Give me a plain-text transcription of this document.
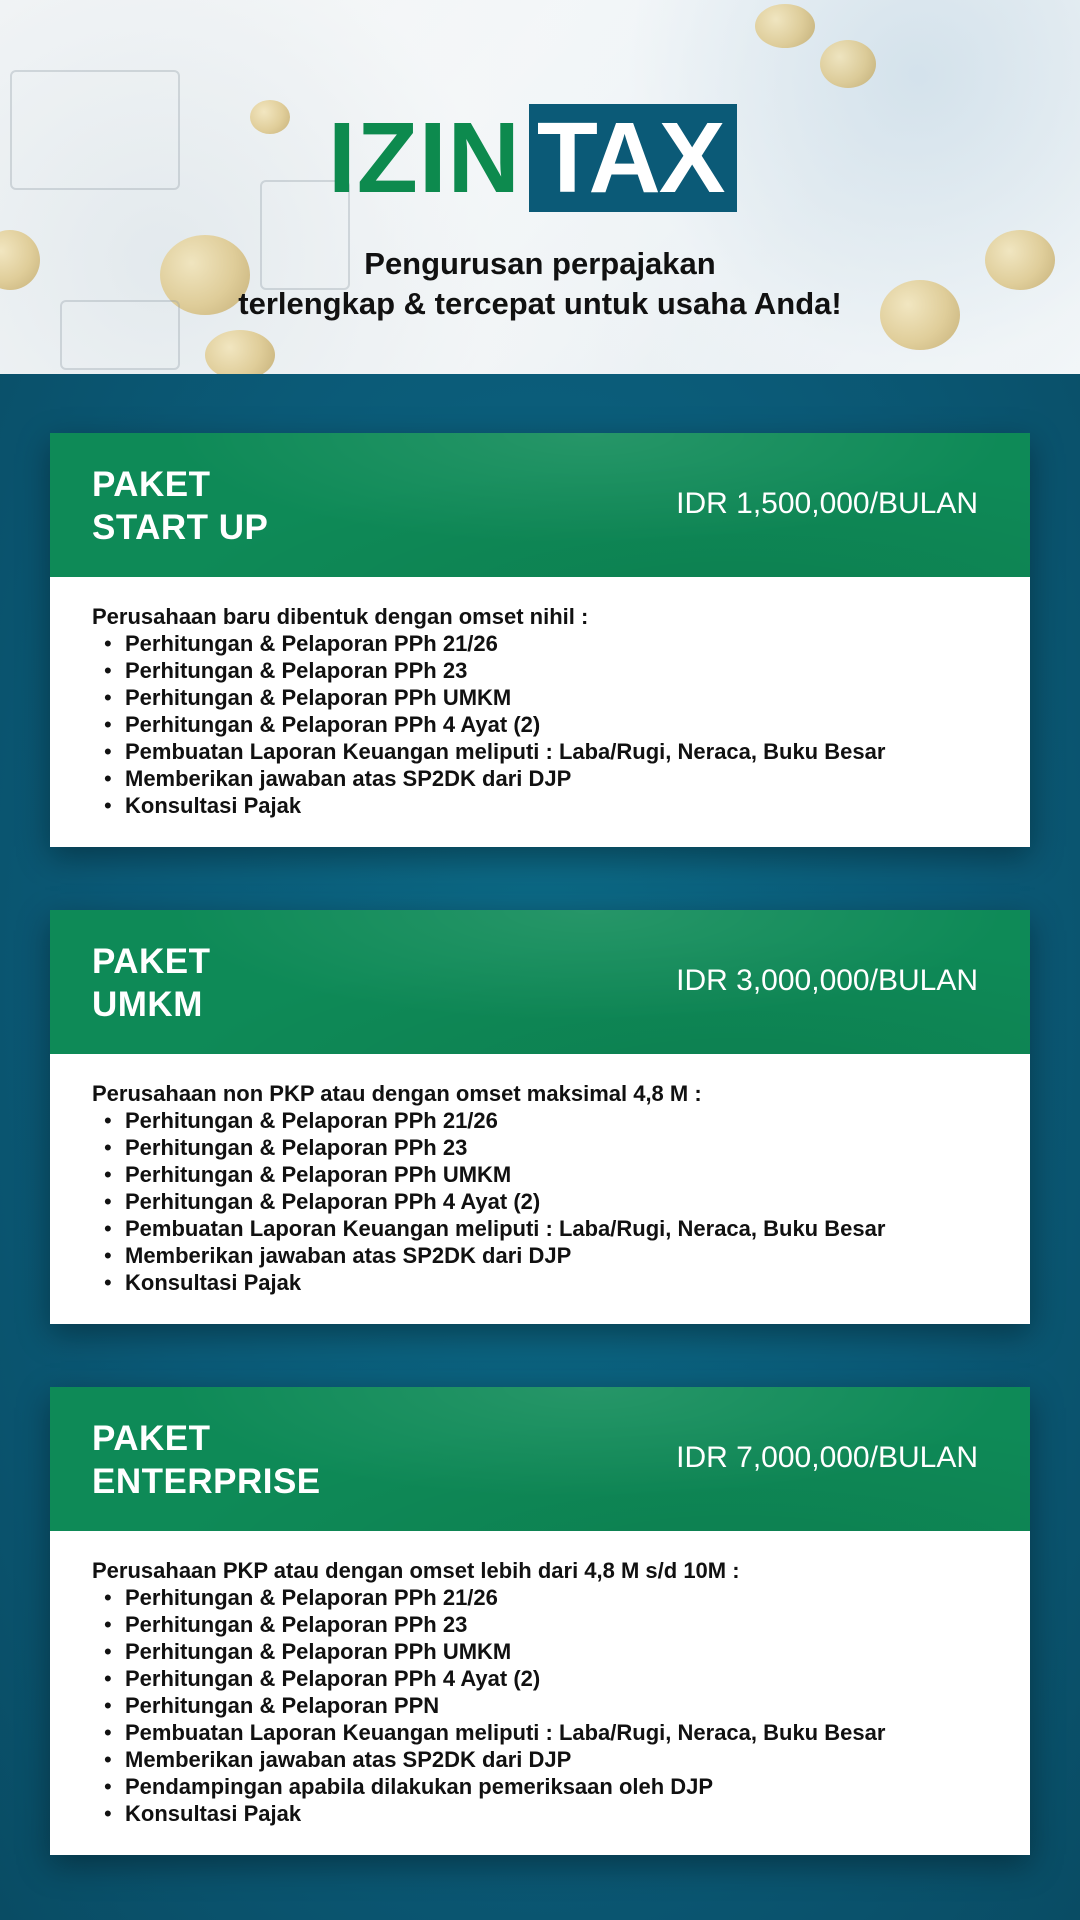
IZIN TAX
Pengurusan perpajakan
terlengkap & tercepat untuk usaha Anda!
PAKET
START UP
IDR 1,500,000/BULAN
Perusahaan baru dibentuk dengan omset nihil :
• Perhitungan & Pelaporan PPh 21/26
• Perhitungan & Pelaporan PPh 23
• Perhitungan & Pelaporan PPh UMKM
• Perhitungan & Pelaporan PPh 4 Ayat (2)
• Pembuatan Laporan Keuangan meliputi : Laba/Rugi, Neraca, Buku Besar
• Memberikan jawaban atas SP2DK dari DJP
• Konsultasi Pajak
PAKET
UMKM
IDR 3,000,000/BULAN
Perusahaan non PKP atau dengan omset maksimal 4,8 M :
• Perhitungan & Pelaporan PPh 21/26
• Perhitungan & Pelaporan PPh 23
• Perhitungan & Pelaporan PPh UMKM
• Perhitungan & Pelaporan PPh 4 Ayat (2)
• Pembuatan Laporan Keuangan meliputi : Laba/Rugi, Neraca, Buku Besar
• Memberikan jawaban atas SP2DK dari DJP
• Konsultasi Pajak
PAKET
ENTERPRISE
IDR 7,000,000/BULAN
Perusahaan PKP atau dengan omset lebih dari 4,8 M s/d 10M :
• Perhitungan & Pelaporan PPh 21/26
• Perhitungan & Pelaporan PPh 23
• Perhitungan & Pelaporan PPh UMKM
• Perhitungan & Pelaporan PPh 4 Ayat (2)
• Perhitungan & Pelaporan PPN
• Pembuatan Laporan Keuangan meliputi : Laba/Rugi, Neraca, Buku Besar
• Memberikan jawaban atas SP2DK dari DJP
• Pendampingan apabila dilakukan pemeriksaan oleh DJP
• Konsultasi Pajak
